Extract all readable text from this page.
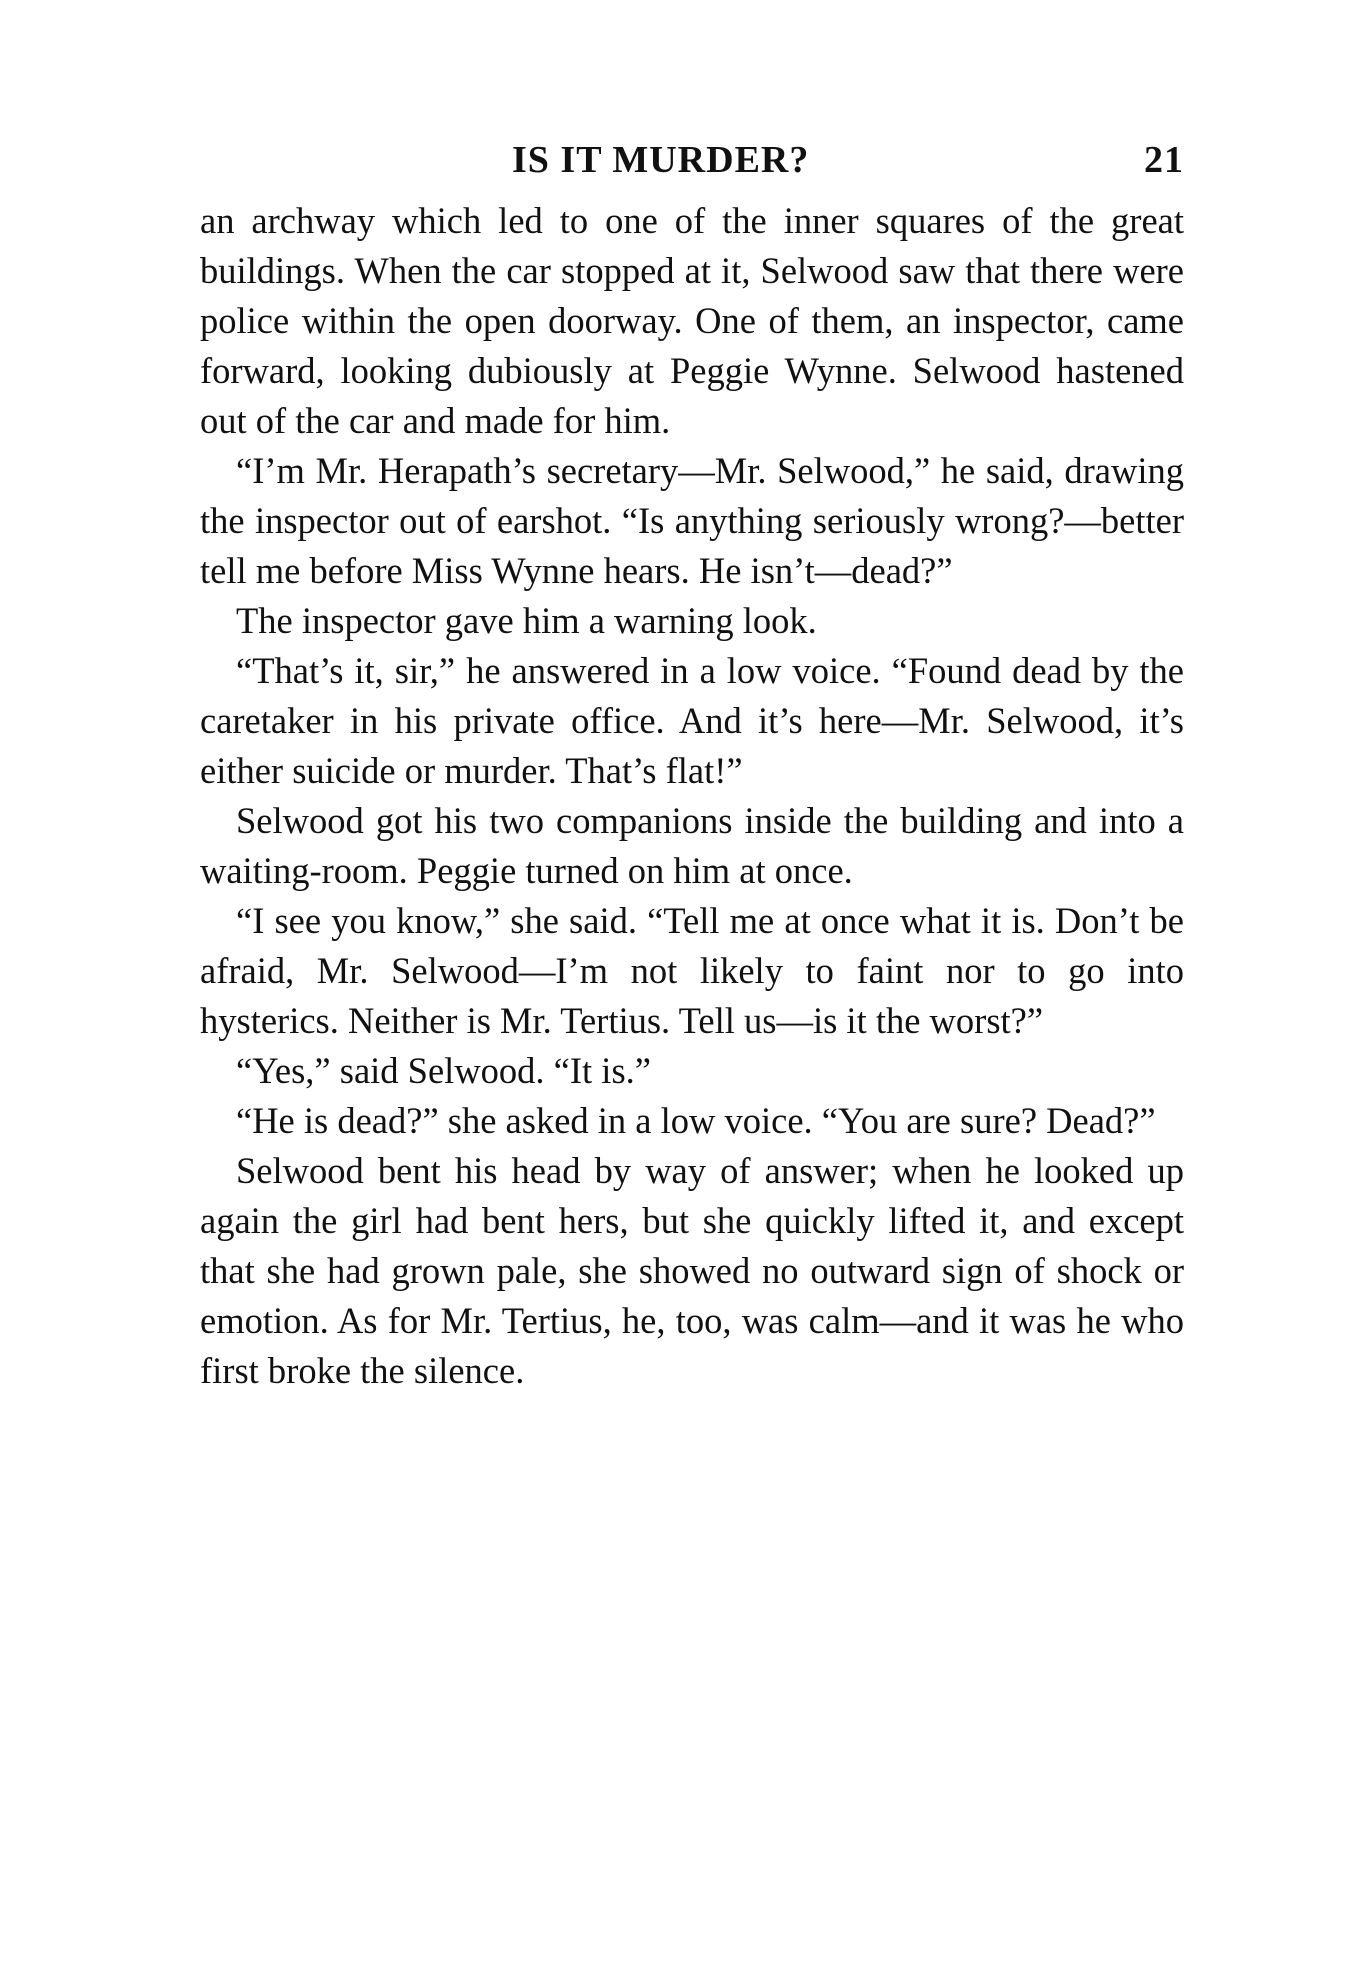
IS IT MURDER?	21

an archway which led to one of the inner squares of the great buildings. When the car stopped at it, Selwood saw that there were police within the open doorway. One of them, an inspector, came forward, looking dubiously at Peggie Wynne. Selwood hastened out of the car and made for him.

“I’m Mr. Herapath’s secretary—Mr. Selwood,” he said, drawing the inspector out of earshot. “Is anything seriously wrong?—better tell me before Miss Wynne hears. He isn’t—dead?”

The inspector gave him a warning look.

“That’s it, sir,” he answered in a low voice. “Found dead by the caretaker in his private office. And it’s here—Mr. Selwood, it’s either suicide or murder. That’s flat!”

Selwood got his two companions inside the building and into a waiting-room. Peggie turned on him at once.

“I see you know,” she said. “Tell me at once what it is. Don’t be afraid, Mr. Selwood—I’m not likely to faint nor to go into hysterics. Neither is Mr. Tertius. Tell us—is it the worst?”

“Yes,” said Selwood. “It is.”

“He is dead?” she asked in a low voice. “You are sure? Dead?”

Selwood bent his head by way of answer; when he looked up again the girl had bent hers, but she quickly lifted it, and except that she had grown pale, she showed no outward sign of shock or emotion. As for Mr. Tertius, he, too, was calm—and it was he who first broke the silence.
